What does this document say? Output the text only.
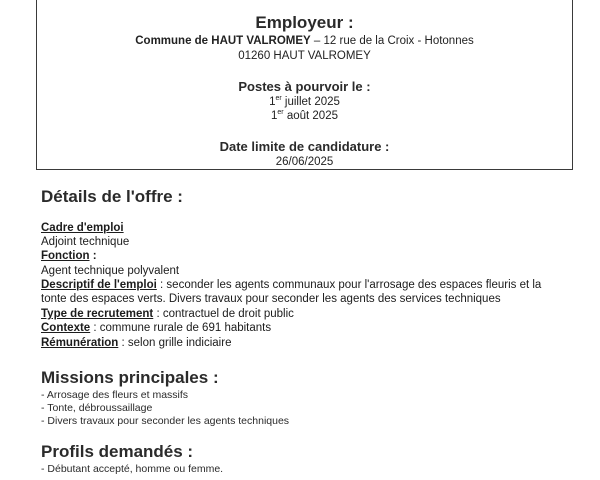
Employeur :
Commune de HAUT VALROMEY – 12 rue de la Croix - Hotonnes
01260 HAUT VALROMEY
Postes à pourvoir le :
1er juillet 2025
1er août 2025
Date limite de candidature :
26/06/2025
Détails de l'offre :
Cadre d'emploi
Adjoint technique
Fonction :
Agent technique polyvalent
Descriptif de l'emploi : seconder les agents communaux pour l'arrosage des espaces fleuris et la
tonte des espaces verts. Divers travaux pour seconder les agents des services techniques
Type de recrutement : contractuel de droit public
Contexte : commune rurale de 691 habitants
Rémunération : selon grille indiciaire
Missions principales :
- Arrosage des fleurs et massifs
- Tonte, débroussaillage
- Divers travaux pour seconder les agents techniques
Profils demandés :
- Débutant accepté, homme ou femme.
